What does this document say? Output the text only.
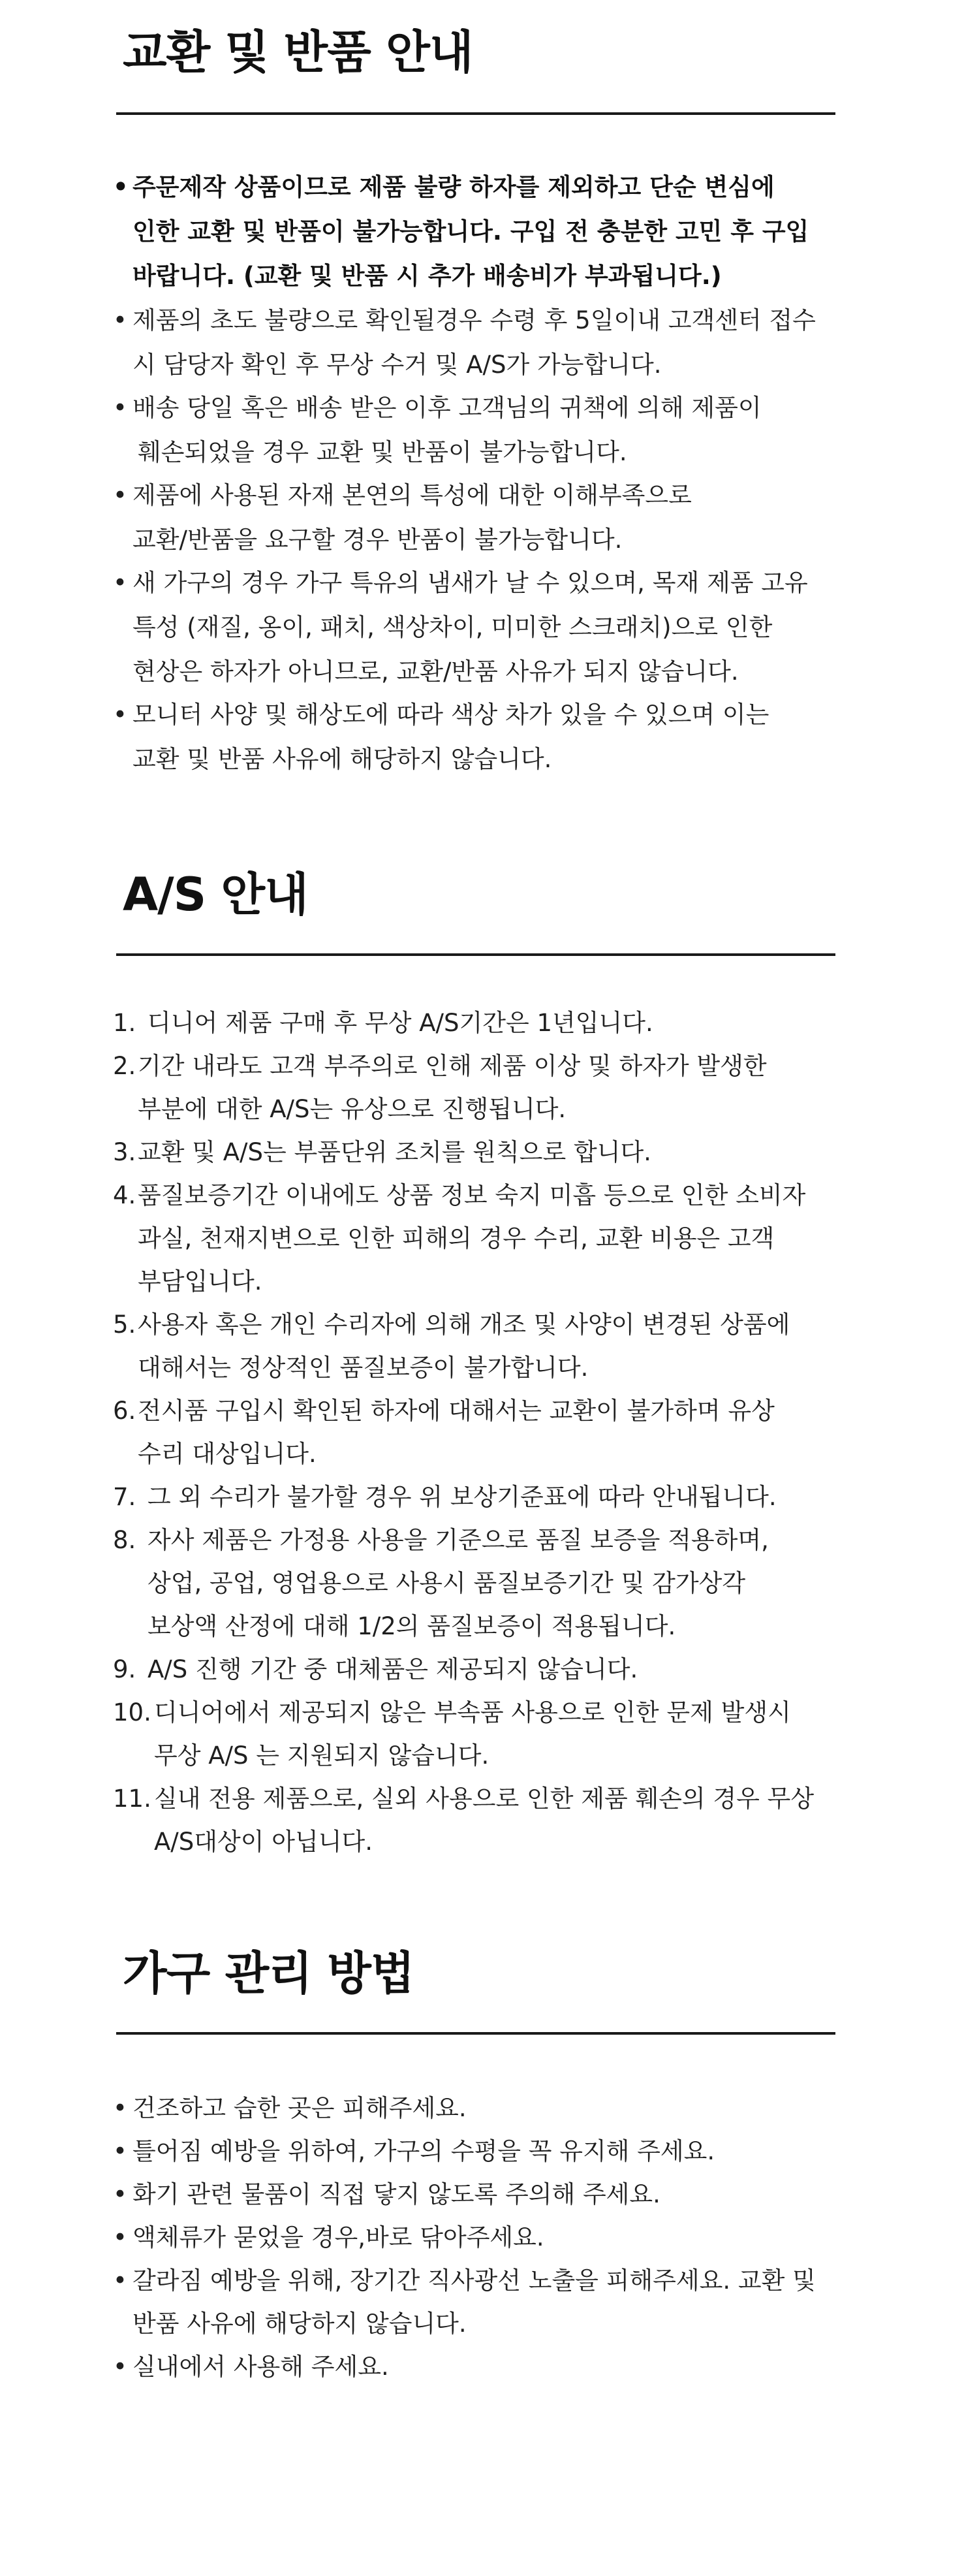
교환 및 반품 안내
• 주문제작 상품이므로 제품 불량 하자를 제외하고 단순 변심에
인한 교환 및 반품이 불가능합니다. 구입 전 충분한 고민 후 구입
바랍니다. (교환 및 반품 시 추가 배송비가 부과됩니다.)
• 제품의 초도 불량으로 확인될경우 수령 후 5일이내 고객센터 접수
시 담당자 확인 후 무상 수거 및 A/S가 가능합니다.
• 배송 당일 혹은 배송 받은 이후 고객님의 귀책에 의해 제품이
훼손되었을 경우 교환 및 반품이 불가능합니다.
• 제품에 사용된 자재 본연의 특성에 대한 이해부족으로
교환/반품을 요구할 경우 반품이 불가능합니다.
• 새 가구의 경우 가구 특유의 냄새가 날 수 있으며, 목재 제품 고유
특성 (재질, 옹이, 패치, 색상차이, 미미한 스크래치)으로 인한
현상은 하자가 아니므로, 교환/반품 사유가 되지 않습니다.
• 모니터 사양 및 해상도에 따라 색상 차가 있을 수 있으며 이는
교환 및 반품 사유에 해당하지 않습니다.
A/S 안내
1. 디니어 제품 구매 후 무상 A/S기간은 1년입니다.
2. 기간 내라도 고객 부주의로 인해 제품 이상 및 하자가 발생한
부분에 대한 A/S는 유상으로 진행됩니다.
3. 교환 및 A/S는 부품단위 조치를 원칙으로 합니다.
4. 품질보증기간 이내에도 상품 정보 숙지 미흡 등으로 인한 소비자
과실, 천재지변으로 인한 피해의 경우 수리, 교환 비용은 고객
부담입니다.
5. 사용자 혹은 개인 수리자에 의해 개조 및 사양이 변경된 상품에
대해서는 정상적인 품질보증이 불가합니다.
6. 전시품 구입시 확인된 하자에 대해서는 교환이 불가하며 유상
수리 대상입니다.
7. 그 외 수리가 불가할 경우 위 보상기준표에 따라 안내됩니다.
8. 자사 제품은 가정용 사용을 기준으로 품질 보증을 적용하며,
상업, 공업, 영업용으로 사용시 품질보증기간 및 감가상각
보상액 산정에 대해 1/2의 품질보증이 적용됩니다.
9. A/S 진행 기간 중 대체품은 제공되지 않습니다.
10. 디니어에서 제공되지 않은 부속품 사용으로 인한 문제 발생시
무상 A/S 는 지원되지 않습니다.
11. 실내 전용 제품으로, 실외 사용으로 인한 제품 훼손의 경우 무상
A/S대상이 아닙니다.
가구 관리 방법
• 건조하고 습한 곳은 피해주세요.
• 틀어짐 예방을 위하여, 가구의 수평을 꼭 유지해 주세요.
• 화기 관련 물품이 직접 닿지 않도록 주의해 주세요.
• 액체류가 묻었을 경우,바로 닦아주세요.
• 갈라짐 예방을 위해, 장기간 직사광선 노출을 피해주세요. 교환 및
반품 사유에 해당하지 않습니다.
• 실내에서 사용해 주세요.
